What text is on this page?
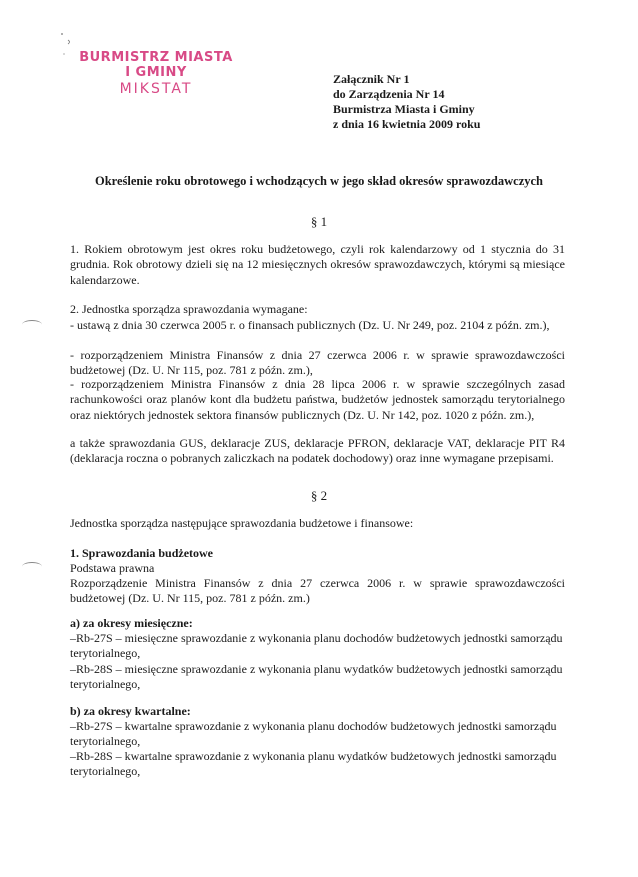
BURMISTRZ MIASTA I GMINY
MIKSTAT
Załącznik Nr 1
do Zarządzenia Nr 14
Burmistrza Miasta i Gminy
z dnia 16 kwietnia 2009 roku
Określenie roku obrotowego i wchodzących w jego skład okresów sprawozdawczych
§ 1
1. Rokiem obrotowym jest okres roku budżetowego, czyli rok kalendarzowy od 1 stycznia do 31 grudnia. Rok obrotowy dzieli się na 12 miesięcznych okresów sprawozdawczych, którymi są miesiące kalendarzowe.
2. Jednostka sporządza sprawozdania wymagane:
- ustawą z dnia 30 czerwca 2005 r. o finansach publicznych (Dz. U. Nr 249, poz. 2104 z późn. zm.),
- rozporządzeniem Ministra Finansów z dnia 27 czerwca 2006 r. w sprawie sprawozdawczości budżetowej (Dz. U. Nr 115, poz. 781 z późn. zm.),
- rozporządzeniem Ministra Finansów z dnia 28 lipca 2006 r. w sprawie szczególnych zasad rachunkowości oraz planów kont dla budżetu państwa, budżetów jednostek samorządu terytorialnego oraz niektórych jednostek sektora finansów publicznych (Dz. U. Nr 142, poz. 1020 z późn. zm.),
a także sprawozdania GUS, deklaracje ZUS, deklaracje PFRON, deklaracje VAT, deklaracje PIT R4 (deklaracja roczna o pobranych zaliczkach na podatek dochodowy) oraz inne wymagane przepisami.
§ 2
Jednostka sporządza następujące sprawozdania budżetowe i finansowe:
1. Sprawozdania budżetowe
Podstawa prawna
Rozporządzenie Ministra Finansów z dnia 27 czerwca 2006 r. w sprawie sprawozdawczości budżetowej (Dz. U. Nr 115, poz. 781 z późn. zm.)
a) za okresy miesięczne:
–Rb-27S – miesięczne sprawozdanie z wykonania planu dochodów budżetowych jednostki samorządu terytorialnego,
–Rb-28S – miesięczne sprawozdanie z wykonania planu wydatków budżetowych jednostki samorządu terytorialnego,
b) za okresy kwartalne:
–Rb-27S – kwartalne sprawozdanie z wykonania planu dochodów budżetowych jednostki samorządu terytorialnego,
–Rb-28S – kwartalne sprawozdanie z wykonania planu wydatków budżetowych jednostki samorządu terytorialnego,
